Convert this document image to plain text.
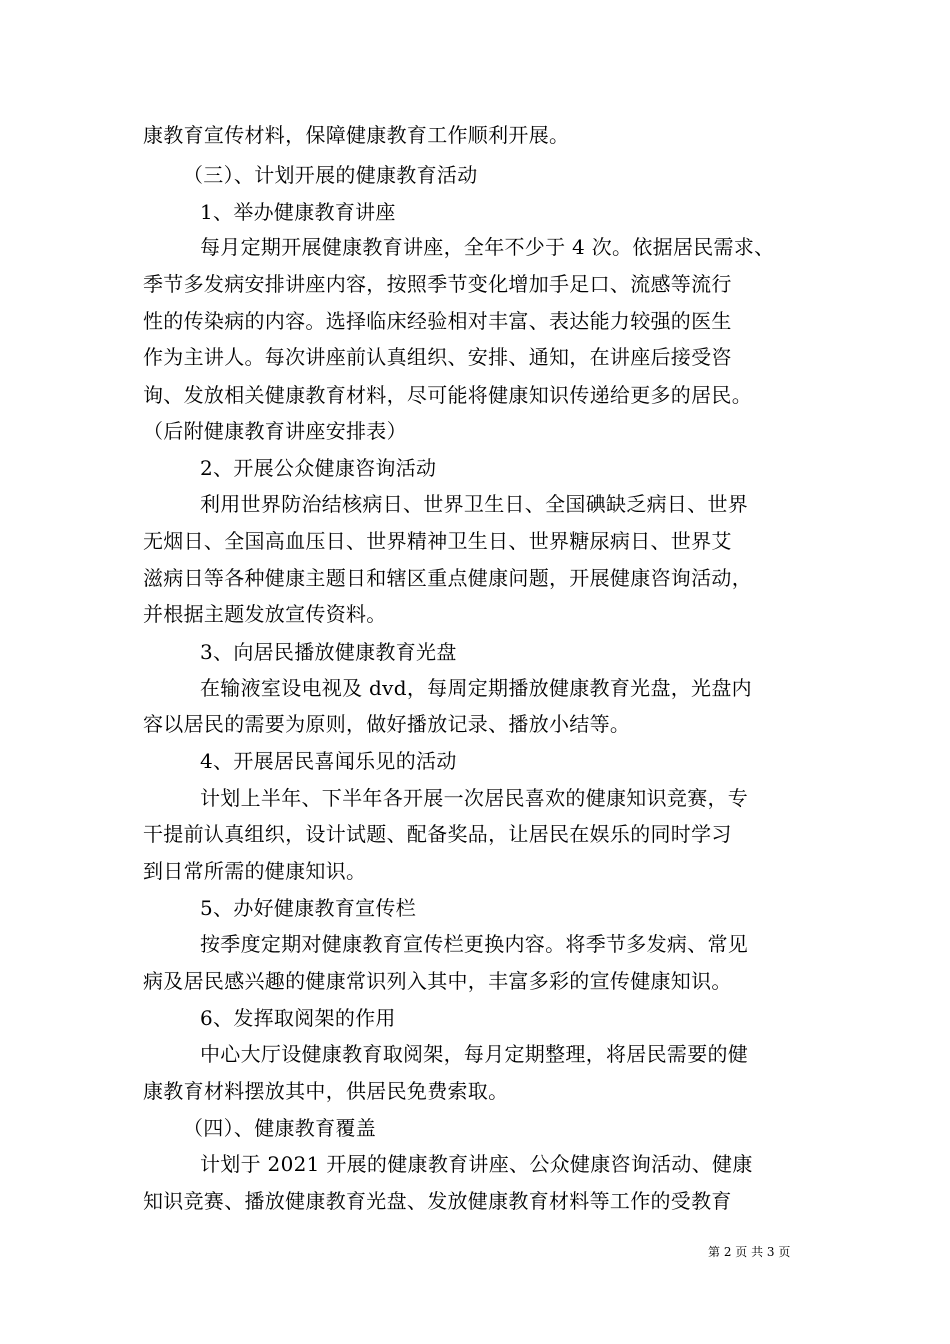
康教育宣传材料，保障健康教育工作顺利开展。
（三）、计划开展的健康教育活动
1、举办健康教育讲座
每月定期开展健康教育讲座，全年不少于 4 次。依据居民需求、
季节多发病安排讲座内容，按照季节变化增加手足口、流感等流行
性的传染病的内容。选择临床经验相对丰富、表达能力较强的医生
作为主讲人。每次讲座前认真组织、安排、通知，在讲座后接受咨
询、发放相关健康教育材料，尽可能将健康知识传递给更多的居民。
（后附健康教育讲座安排表）
2、开展公众健康咨询活动
利用世界防治结核病日、世界卫生日、全国碘缺乏病日、世界
无烟日、全国高血压日、世界精神卫生日、世界糖尿病日、世界艾
滋病日等各种健康主题日和辖区重点健康问题，开展健康咨询活动，
并根据主题发放宣传资料。
3、向居民播放健康教育光盘
在输液室设电视及 dvd，每周定期播放健康教育光盘，光盘内
容以居民的需要为原则，做好播放记录、播放小结等。
4、开展居民喜闻乐见的活动
计划上半年、下半年各开展一次居民喜欢的健康知识竞赛，专
干提前认真组织，设计试题、配备奖品，让居民在娱乐的同时学习
到日常所需的健康知识。
5、办好健康教育宣传栏
按季度定期对健康教育宣传栏更换内容。将季节多发病、常见
病及居民感兴趣的健康常识列入其中，丰富多彩的宣传健康知识。
6、发挥取阅架的作用
中心大厅设健康教育取阅架，每月定期整理，将居民需要的健
康教育材料摆放其中，供居民免费索取。
（四）、健康教育覆盖
计划于 2021 开展的健康教育讲座、公众健康咨询活动、健康
知识竞赛、播放健康教育光盘、发放健康教育材料等工作的受教育
第 2 页 共 3 页
